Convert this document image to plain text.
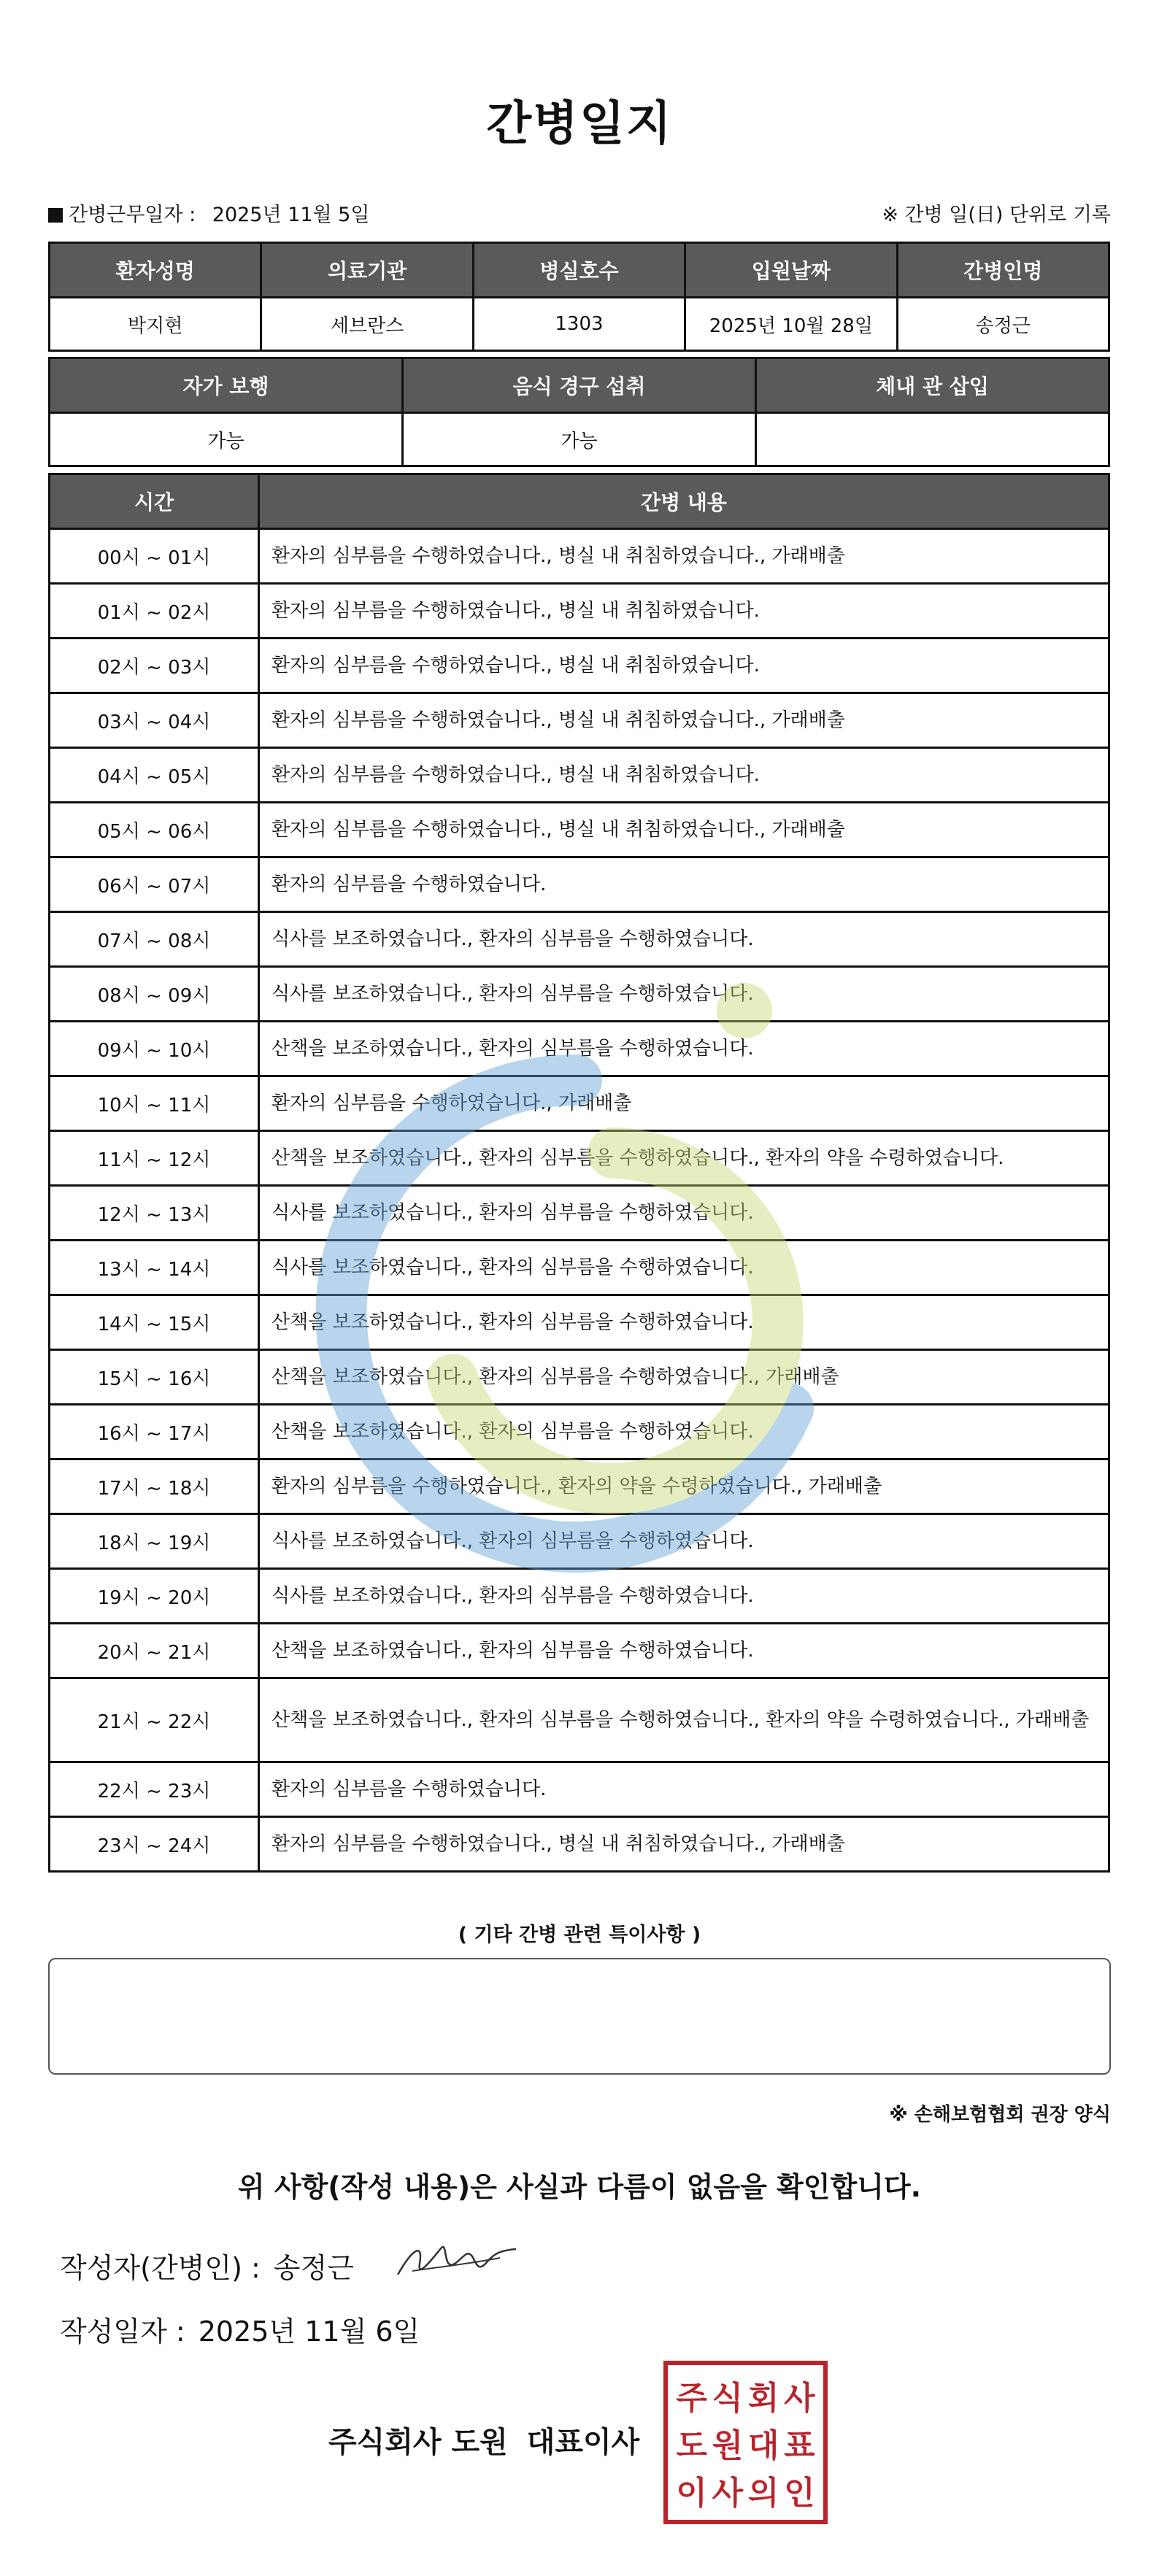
간병일지
간병근무일자 : 2025년 11월 5일	※ 간병 일(日) 단위로 기록
환자성명	의료기관	병실호수	입원날짜	간병인명
박지현	세브란스	1303	2025년 10월 28일	송정근
자가 보행	음식 경구 섭취	체내 관 삽입
가능	가능	
시간	간병 내용
00시 ~ 01시	환자의 심부름을 수행하였습니다., 병실 내 취침하였습니다., 가래배출
01시 ~ 02시	환자의 심부름을 수행하였습니다., 병실 내 취침하였습니다.
02시 ~ 03시	환자의 심부름을 수행하였습니다., 병실 내 취침하였습니다.
03시 ~ 04시	환자의 심부름을 수행하였습니다., 병실 내 취침하였습니다., 가래배출
04시 ~ 05시	환자의 심부름을 수행하였습니다., 병실 내 취침하였습니다.
05시 ~ 06시	환자의 심부름을 수행하였습니다., 병실 내 취침하였습니다., 가래배출
06시 ~ 07시	환자의 심부름을 수행하였습니다.
07시 ~ 08시	식사를 보조하였습니다., 환자의 심부름을 수행하였습니다.
08시 ~ 09시	식사를 보조하였습니다., 환자의 심부름을 수행하였습니다.
09시 ~ 10시	산책을 보조하였습니다., 환자의 심부름을 수행하였습니다.
10시 ~ 11시	환자의 심부름을 수행하였습니다., 가래배출
11시 ~ 12시	산책을 보조하였습니다., 환자의 심부름을 수행하였습니다., 환자의 약을 수령하였습니다.
12시 ~ 13시	식사를 보조하였습니다., 환자의 심부름을 수행하였습니다.
13시 ~ 14시	식사를 보조하였습니다., 환자의 심부름을 수행하였습니다.
14시 ~ 15시	산책을 보조하였습니다., 환자의 심부름을 수행하였습니다.
15시 ~ 16시	산책을 보조하였습니다., 환자의 심부름을 수행하였습니다., 가래배출
16시 ~ 17시	산책을 보조하였습니다., 환자의 심부름을 수행하였습니다.
17시 ~ 18시	환자의 심부름을 수행하였습니다., 환자의 약을 수령하였습니다., 가래배출
18시 ~ 19시	식사를 보조하였습니다., 환자의 심부름을 수행하였습니다.
19시 ~ 20시	식사를 보조하였습니다., 환자의 심부름을 수행하였습니다.
20시 ~ 21시	산책을 보조하였습니다., 환자의 심부름을 수행하였습니다.
21시 ~ 22시	산책을 보조하였습니다., 환자의 심부름을 수행하였습니다., 환자의 약을 수령하였습니다., 가래배출
22시 ~ 23시	환자의 심부름을 수행하였습니다.
23시 ~ 24시	환자의 심부름을 수행하였습니다., 병실 내 취침하였습니다., 가래배출
( 기타 간병 관련 특이사항 )
※ 손해보험협회 권장 양식
위 사항(작성 내용)은 사실과 다름이 없음을 확인합니다.
작성자(간병인) : 송정근
작성일자 : 2025년 11월 6일
주식회사 도원 대표이사
주 식 회 사
도 원 대 표
이 사 의 인
